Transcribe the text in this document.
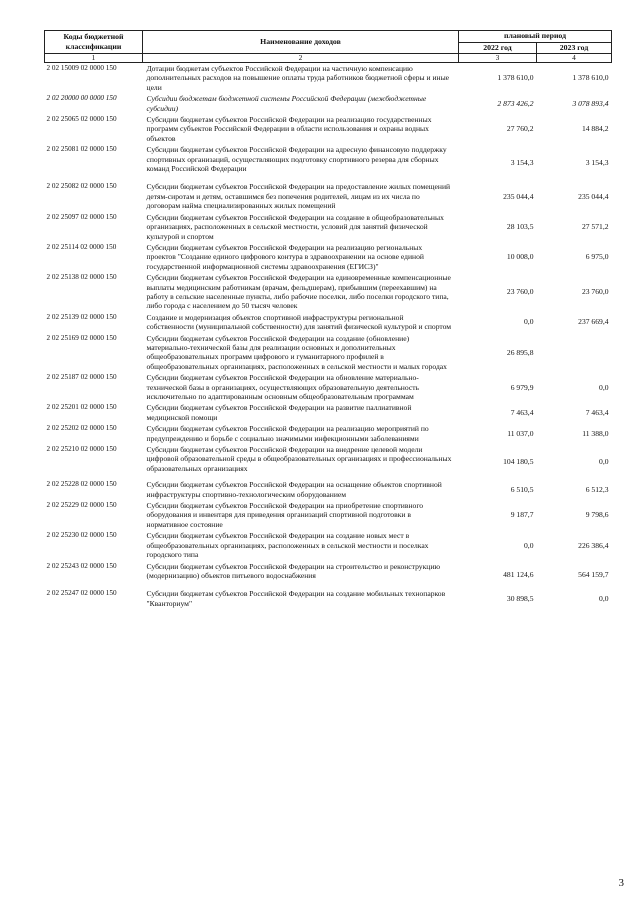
Коды бюджетной классификации	Наименование доходов	плановый период	
		2022 год	2023 год
1	2	3	4
2 02 15009 02 0000 150	Дотации бюджетам субъектов Российской Федерации на частичную компенсацию дополнительных расходов на повышение оплаты труда работников бюджетной сферы и иные цели	1 378 610,0	1 378 610,0
2 02 20000 00 0000 150	Субсидии бюджетам бюджетной системы Российской Федерации (межбюджетные субсидии)	2 873 426,2	3 078 893,4
2 02 25065 02 0000 150	Субсидии бюджетам субъектов Российской Федерации на реализацию государственных программ субъектов Российской Федерации в области использования и охраны водных объектов	27 760,2	14 884,2
2 02 25081 02 0000 150	Субсидии бюджетам субъектов Российской Федерации на адресную финансовую поддержку спортивных организаций, осуществляющих подготовку спортивного резерва для сборных команд Российской Федерации	3 154,3	3 154,3
2 02 25082 02 0000 150	Субсидии бюджетам субъектов Российской Федерации на предоставление жилых помещений детям-сиротам и детям, оставшимся без попечения родителей, лицам из их числа по договорам найма специализированных жилых помещений	235 044,4	235 044,4
2 02 25097 02 0000 150	Субсидии бюджетам субъектов Российской Федерации на создание в общеобразовательных организациях, расположенных в сельской местности, условий для занятий физической культурой и спортом	28 103,5	27 571,2
2 02 25114 02 0000 150	Субсидии бюджетам субъектов Российской Федерации на реализацию региональных проектов "Создание единого цифрового контура в здравоохранении на основе единой государственной информационной системы здравоохранения (ЕГИСЗ)"	10 008,0	6 975,0
2 02 25138 02 0000 150	Субсидии бюджетам субъектов Российской Федерации на единовременные компенсационные выплаты медицинским работникам (врачам, фельдшерам), прибывшим (переехавшим) на работу в сельские населенные пункты, либо рабочие поселки, либо поселки городского типа, либо города с населением до 50 тысяч человек	23 760,0	23 760,0
2 02 25139 02 0000 150	Создание и модернизация объектов спортивной инфраструктуры региональной собственности (муниципальной собственности) для занятий физической культурой и спортом	0,0	237 669,4
2 02 25169 02 0000 150	Субсидии бюджетам субъектов Российской Федерации на создание (обновление) материально-технической базы для реализации основных и дополнительных общеобразовательных программ цифрового и гуманитарного профилей в общеобразовательных организациях, расположенных в сельской местности и малых городах	26 895,8	
2 02 25187 02 0000 150	Субсидии бюджетам субъектов Российской Федерации на обновление материально-технической базы в организациях, осуществляющих образовательную деятельность исключительно по адаптированным основным общеобразовательным программам	6 979,9	0,0
2 02 25201 02 0000 150	Субсидии бюджетам субъектов Российской Федерации на развитие паллиативной медицинской помощи	7 463,4	7 463,4
2 02 25202 02 0000 150	Субсидии бюджетам субъектов Российской Федерации на реализацию мероприятий по предупреждению и борьбе с социально значимыми инфекционными заболеваниями	11 037,0	11 388,0
2 02 25210 02 0000 150	Субсидии бюджетам субъектов Российской Федерации на внедрение целевой модели цифровой образовательной среды в общеобразовательных организациях и профессиональных образовательных организациях	104 180,5	0,0
2 02 25228 02 0000 150	Субсидии бюджетам субъектов Российской Федерации на оснащение объектов спортивной инфраструктуры спортивно-технологическим оборудованием	6 510,5	6 512,3
2 02 25229 02 0000 150	Субсидии бюджетам субъектов Российской Федерации на приобретение спортивного оборудования и инвентаря для приведения организаций спортивной подготовки в нормативное состояние	9 187,7	9 798,6
2 02 25230 02 0000 150	Субсидии бюджетам субъектов Российской Федерации на создание новых мест в общеобразовательных организациях, расположенных в сельской местности и поселках городского типа	0,0	226 386,4
2 02 25243 02 0000 150	Субсидии бюджетам субъектов Российской Федерации на строительство и реконструкцию (модернизацию) объектов питьевого водоснабжения	481 124,6	564 159,7
2 02 25247 02 0000 150	Субсидии бюджетам субъектов Российской Федерации на создание мобильных технопарков "Кванториум"	30 898,5	0,0
3
